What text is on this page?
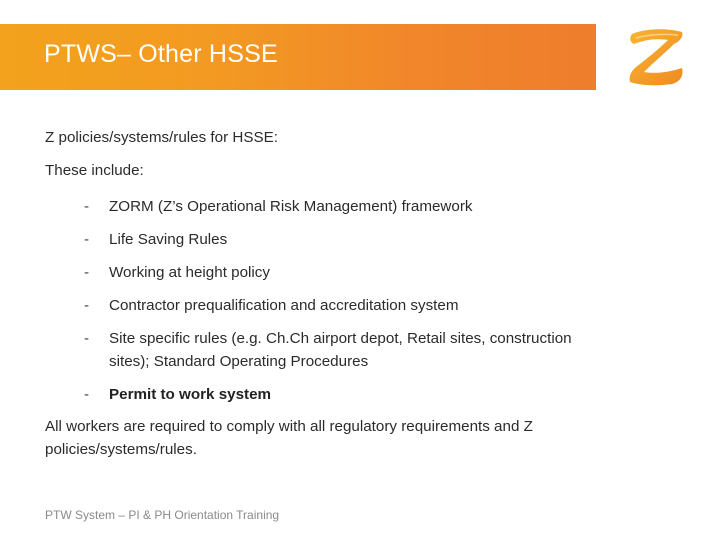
PTWS– Other HSSE
Z policies/systems/rules for HSSE:
These include:
- ZORM (Z’s Operational Risk Management) framework
- Life Saving Rules
- Working at height policy
- Contractor prequalification and accreditation system
- Site specific rules (e.g. Ch.Ch airport depot, Retail sites, construction sites); Standard Operating Procedures
- Permit to work system
All workers are required to comply with all regulatory requirements and Z policies/systems/rules.
PTW System – PI & PH Orientation Training
